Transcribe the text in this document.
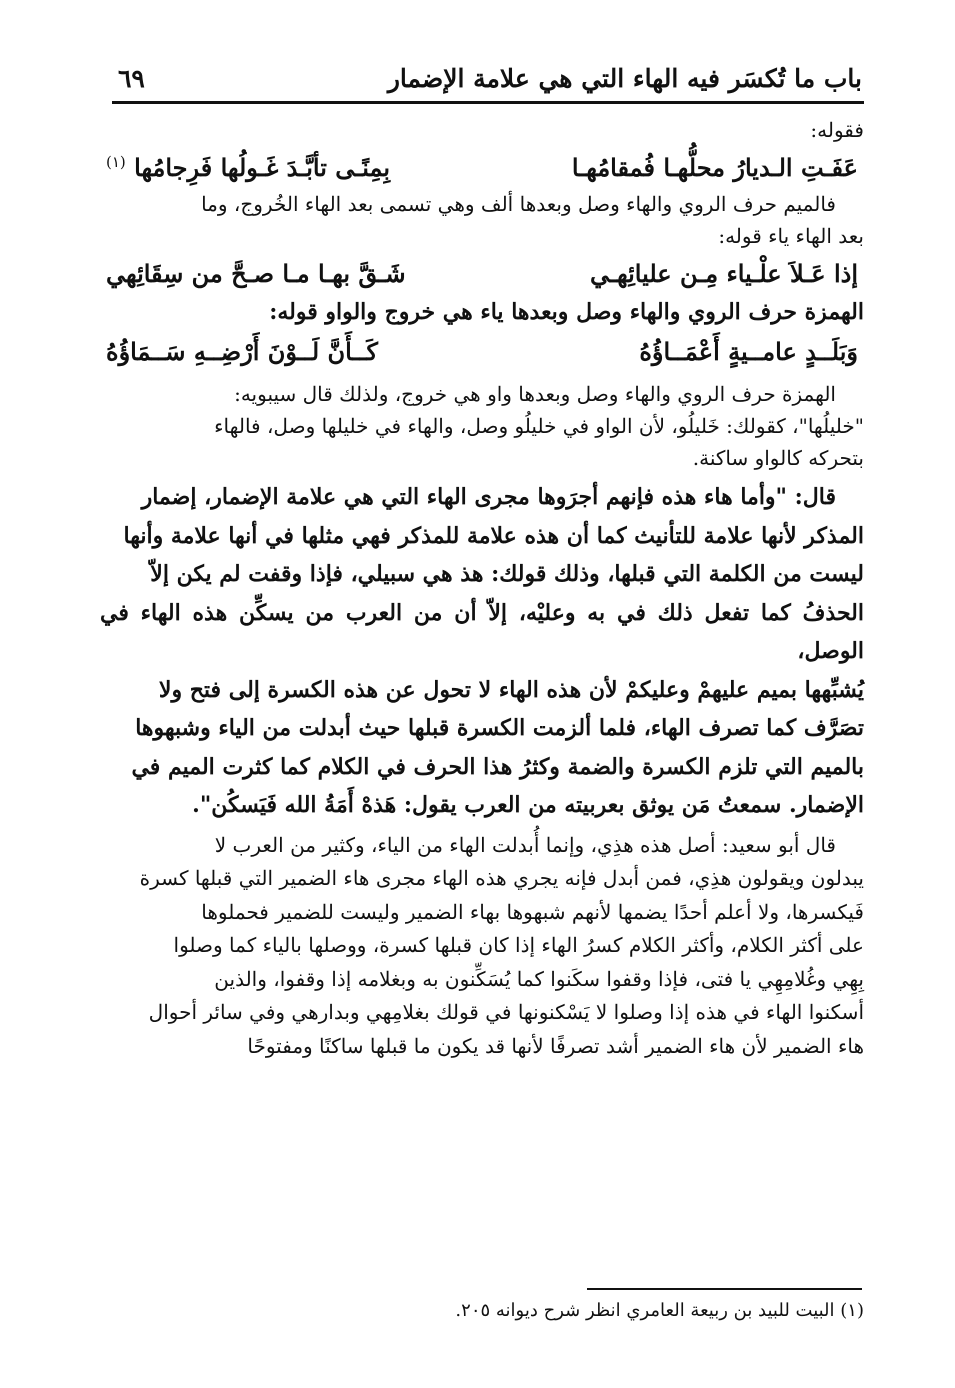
باب ما تُكسَر فيه الهاء التي هي علامة الإضمار
٦٩
فقوله:
عَفَـتِ الـديارُ محلُّهـا فُمقامُهـا
بِمِنًـى تأبَّـدَ غَـولُها فَرِجامُها $^{(١)}$
فالميم حرف الروي والهاء وصل وبعدها ألف وهي تسمى بعد الهاء الخُروج، وما
بعد الهاء ياء قوله:
إذا عَـلاَ علْـياء مِـن عليائِهـي
شَـقَّ بهـا مـا صـحَّ من سِقَائِهي
الهمزة حرف الروي والهاء وصل وبعدها ياء هي خروج والواو قوله:
وَبَلَــدٍ عامــيةٍ أَعْمَــاؤُهُ
كَــأَنَّ لَــوْنَ أَرْضِــهِ سَــمَاؤُهُ
الهمزة حرف الروي والهاء وصل وبعدها واو هي خروج، ولذلك قال سيبويه:
"خليلُها"، كقولك: خَليلُو، لأن الواو في خليلُو وصل، والهاء في خليلها وصل، فالهاء
بتحركه كالواو ساكنة.
قال: "وأما هاء هذه فإنهم أجرَوها مجرى الهاء التي هي علامة الإضمار، إضمار
المذكر لأنها علامة للتأنيث كما أن هذه علامة للمذكر فهي مثلها في أنها علامة وأنها
ليست من الكلمة التي قبلها، وذلك قولك: هذ هي سبيلي، فإذا وقفت لم يكن إلاّ
الحذفُ كما تفعل ذلك في به وعليْه، إلاّ أن من العرب من يسكِّن هذه الهاء في الوصل،
يُشبِّهها بميم عليهمْ وعليكمْ لأن هذه الهاء لا تحول عن هذه الكسرة إلى فتح ولا
تصَرَّف كما تصرف الهاء، فلما ألزمت الكسرة قبلها حيث أبدلت من الياء وشبهوها
بالميم التي تلزم الكسرة والضمة وكثرُ هذا الحرف في الكلام كما كثرت الميم في
الإضمار. سمعتُ مَن يوثق بعربيته من العرب يقول: هَذهْ أَمَةُ الله فَيَسكُن".
قال أبو سعيد: أصل هذه هذِي، وإنما أُبدلت الهاء من الياء، وكثير من العرب لا
يبدلون ويقولون هذِي، فمن أبدل فإنه يجري هذه الهاء مجرى هاء الضمير التي قبلها كسرة
فَيكسرها، ولا أعلم أحدًا يضمها لأنهم شبهوها بهاء الضمير وليست للضمير فحملوها
على أكثر الكلام، وأكثر الكلام كسرُ الهاء إذا كان قبلها كسرة، ووصلها بالياء كما وصلوا
بِهِي وغُلامِهِي يا فتى، فإذا وقفوا سكَنوا كما يُسَكِّنون به وبغلامه إذا وقفوا، والذين
أسكنوا الهاء في هذه إذا وصلوا لا يَسْكنونها في قولك بغلامِهي وبدارهي وفي سائر أحوال
هاء الضمير لأن هاء الضمير أشد تصرفًا لأنها قد يكون ما قبلها ساكنًا ومفتوحًا
(١) البيت للبيد بن ربيعة العامري انظر شرح ديوانه ٢٠٥.
